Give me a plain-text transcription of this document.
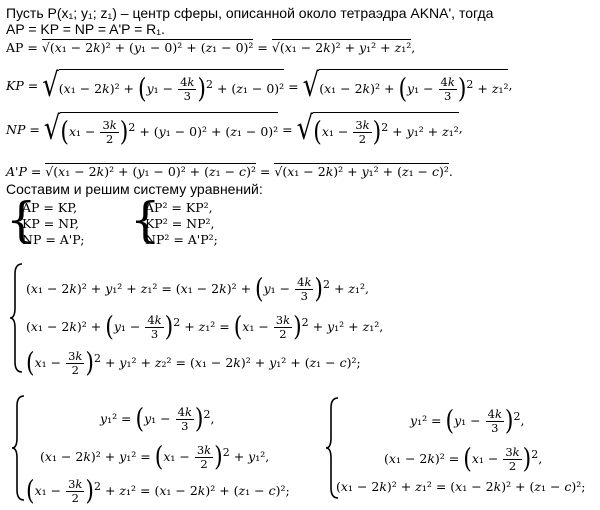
Пусть P(x₁; y₁; z₁) – центр сферы, описанной около тетраэдра AKNA', тогда
AP = KP = NP = A'P = R₁.
AP = √(x₁ − 2k)² + (y₁ − 0)² + (z₁ − 0)² = √(x₁ − 2k)² + y₁² + z₁²,
KP = $√(x_1 - 2k)^2 + (y_1 - \frac{4k}{3} )2 + (z_1 - 0)^2 = √(x_1 - 2k)^2 + (y_1 - \frac{4k}{3} )2 + z_1^2$,
NP = $√(x_1 - \frac{3k}{2} )2 + (y_1 - 0)^2 + (z_1 - 0)^2 = √(x_1 - \frac{3k}{2} )2 + y_1^2 + z_1^2$,
A'P = √(x₁ − 2k)² + (y₁ − 0)² + (z₁ − c)² = √(x₁ − 2k)² + y₁² + (z₁ − c)².
Составим и решим систему уравнений:
{
AP = KP,
KP = NP,
NP = A'P; {
AP² = KP²,
KP² = NP²,
NP² = A'P²;
$(x_1 - 2k)^2 + y_1^2 + z_1^2 = (x_1 - 2k)^2 + (y_1 - \frac{4k}{3} )2 + z_1^2$,
$(x_1 - 2k)^2 + (y_1 - \frac{4k}{3} )2 + z_1^2 = (x_1 - \frac{3k}{2} )2 + y_1^2 + z_1^2$,
$(x_1 - \frac{3k}{2} )2 + y_1^2 + z_2^2 = (x_1 - 2k)^2 + y_1^2 + (z_1 - c)^2$;
$y_1^2 = (y_1 - \frac{4k}{3} )2$,
$(x_1 - 2k)^2 + y_1^2 = (x_1 - \frac{3k}{2} )2 + y_1^2$,
$(x_1 - \frac{3k}{2} )2 + z_1^2 = (x_1 - 2k)^2 + (z_1 - c)^2$;
$y_1^2 = (y_1 - \frac{4k}{3} )2$,
$(x_1 - 2k)^2 = (x_1 - \frac{3k}{2} )2$,
(x₁ − 2k)² + z₁² = (x₁ − 2k)² + (z₁ − c)²;
